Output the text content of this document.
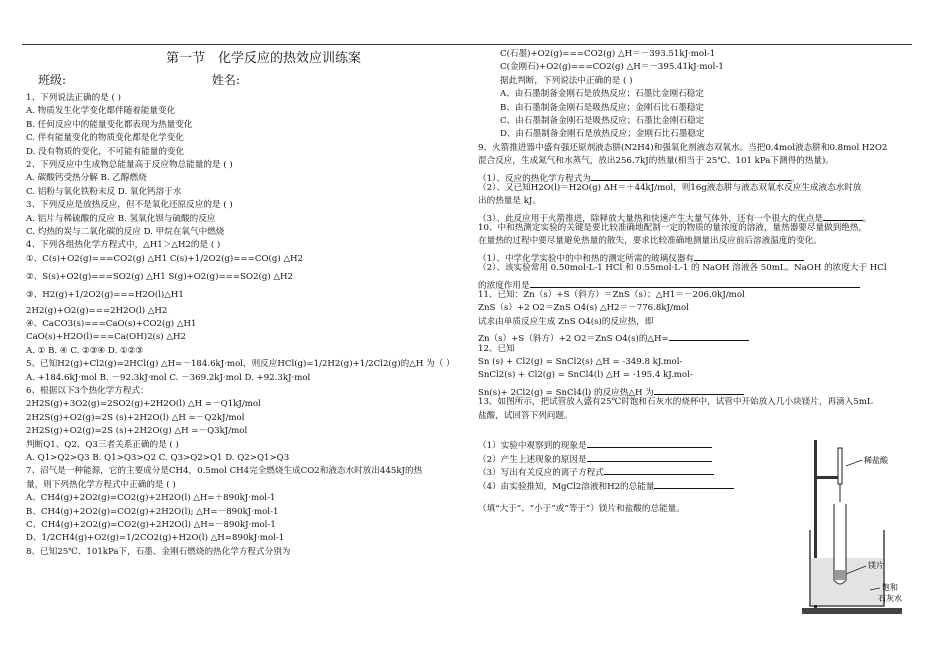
第一节　化学反应的热效应训练案
班级:	姓名:
1、下列说法正确的是 ( )
A. 物质发生化学变化都伴随着能量变化
B. 任何反应中的能量变化都表现为热量变化
C. 伴有能量变化的物质变化都是化学变化
D. 没有物质的变化，不可能有能量的变化
2、下列反应中生成物总能量高于反应物总能量的是 ( )
A. 碳酸钙受热分解 B. 乙醇燃烧
C. 铝粉与氧化铁粉末反 D. 氧化钙溶于水
3、下列反应是放热反应，但不是氧化还原反应的是 ( )
A. 铝片与稀硫酸的反应 B. 氢氧化钡与硫酸的反应
C. 灼热的炭与二氧化碳的反应 D. 甲烷在氧气中燃烧
4、下列各组热化学方程式中，△H1＞△H2的是 ( )
①、C(s)+O2(g)===CO2(g) △H1 C(s)+1/2O2(g)===CO(g) △H2
②、S(s)+O2(g)===SO2(g) △H1 S(g)+O2(g)===SO2(g) △H2
③、H2(g)+1/2O2(g)===H2O(l)△H1
2H2(g)+O2(g)===2H2O(l) △H2
④、CaCO3(s)===CaO(s)+CO2(g) △H1
CaO(s)+H2O(l)===Ca(OH)2(s) △H2
A. ① B. ④ C. ②③④ D. ①②③
5、已知H2(g)+Cl2(g)=2HCl(g) △H=－184.6kJ·mol，则反应HCl(g)=1/2H2(g)+1/2Cl2(g)的△H 为（ ）
A. +184.6kJ·mol B. －92.3kJ·mol C. －369.2kJ·mol D. +92.3kJ·mol
6、根据以下3个热化学方程式：
2H2S(g)+3O2(g)=2SO2(g)+2H2O(l) △H =－Q1kJ/mol
2H2S(g)+O2(g)=2S (s)+2H2O(l) △H =－Q2kJ/mol
2H2S(g)+O2(g)=2S (s)+2H2O(g) △H =－Q3kJ/mol
判断Q1、Q2、Q3三者关系正确的是 ( )
A. Q1>Q2>Q3 B. Q1>Q3>Q2 C. Q3>Q2>Q1 D. Q2>Q1>Q3
7、沼气是一种能源，它的主要成分是CH4，0.5mol CH4完全燃烧生成CO2和液态水时放出445kJ的热
量，则下列热化学方程式中正确的是 ( )
A、CH4(g)+2O2(g)=CO2(g)+2H2O(l) △H=＋890kJ·mol-1
B、CH4(g)+2O2(g)=CO2(g)+2H2O(l); △H=－890kJ·mol-1
C、CH4(g)+2O2(g)=CO2(g)+2H2O(l) △H=－890kJ·mol-1
D、1/2CH4(g)+O2(g)=1/2CO2(g)+H2O(l) △H=890kJ·mol-1
8、已知25℃、101kPa下，石墨、金刚石燃烧的热化学方程式分别为
C(石墨)+O2(g)===CO2(g) △H＝－393.51kJ·mol-1
C(金刚石)+O2(g)===CO2(g) △H＝－395.41kJ·mol-1
据此判断，下列说法中正确的是 ( )
A、由石墨制备金刚石是放热反应；石墨比金刚石稳定
B、由石墨制备金刚石是吸热反应；金刚石比石墨稳定
C、由石墨制备金刚石是吸热反应；石墨比金刚石稳定
D、由石墨制备金刚石是放热反应；金刚石比石墨稳定
9、火箭推进器中盛有强还原剂液态肼(N2H4)和强氧化剂液态双氧水。当把0.4mol液态肼和0.8mol H2O2
混合反应，生成氮气和水蒸气，放出256.7kJ的热量(相当于 25℃、101 kPa下测得的热量)。
（1）、反应的热化学方程式为	。
（2）、又已知H2O(l)＝H2O(g) ΔH＝＋44kJ/mol，则16g液态肼与液态双氧水反应生成液态水时放
出的热量是 kJ。
（3）、此反应用于火箭推进，除释放大量热和快速产生大量气体外，还有一个很大的优点是	。
10、中和热测定实验的关键是要比较准确地配制一定的物质的量浓度的溶液，量热器要尽量做到绝热，
在量热的过程中要尽量避免热量的散失，要求比较准确地测量出反应前后溶液温度的变化。
（1）、中学化学实验中的中和热的测定所需的玻璃仪器有
（2）、该实验常用 0.50mol·L-1 HCl 和 0.55mol·L-1 的 NaOH 溶液各 50mL。NaOH 的浓度大于 HCl
的浓度作用是
11、已知：Zn（s）+S（斜方）＝ZnS（s）；△H1＝－206.0kJ/mol
ZnS（s）+2 O2＝ZnS O4(s) △H2＝－776.8kJ/mol
试求由单质反应生成 ZnS O4(s)的反应热，即
Zn（s）+S（斜方）+2 O2＝ZnS O4(s)的△H=
12、已知
Sn (s) + Cl2(g) = SnCl2(s) △H = -349.8 kJ.mol-
SnCl2(s) + Cl2(g) = SnCl4(l) △H = -195.4 kJ.mol-
Sn(s)+ 2Cl2(g) = SnCl4(l) 的反应热△H 为
13、如图所示，把试管放入盛有25℃时饱和石灰水的烧杯中，试管中开始放入几小块镁片，再滴入5mL
盐酸，试回答下列问题。
（1）实验中观察到的现象是
（2）产生上述现象的原因是
（3）写出有关反应的离子方程式
（4）由实验推知，MgCl2溶液和H2的总能量
（填“大于”、“小于”或“等于”）镁片和盐酸的总能量。
稀盐酸
镁片
饱和
石灰水
